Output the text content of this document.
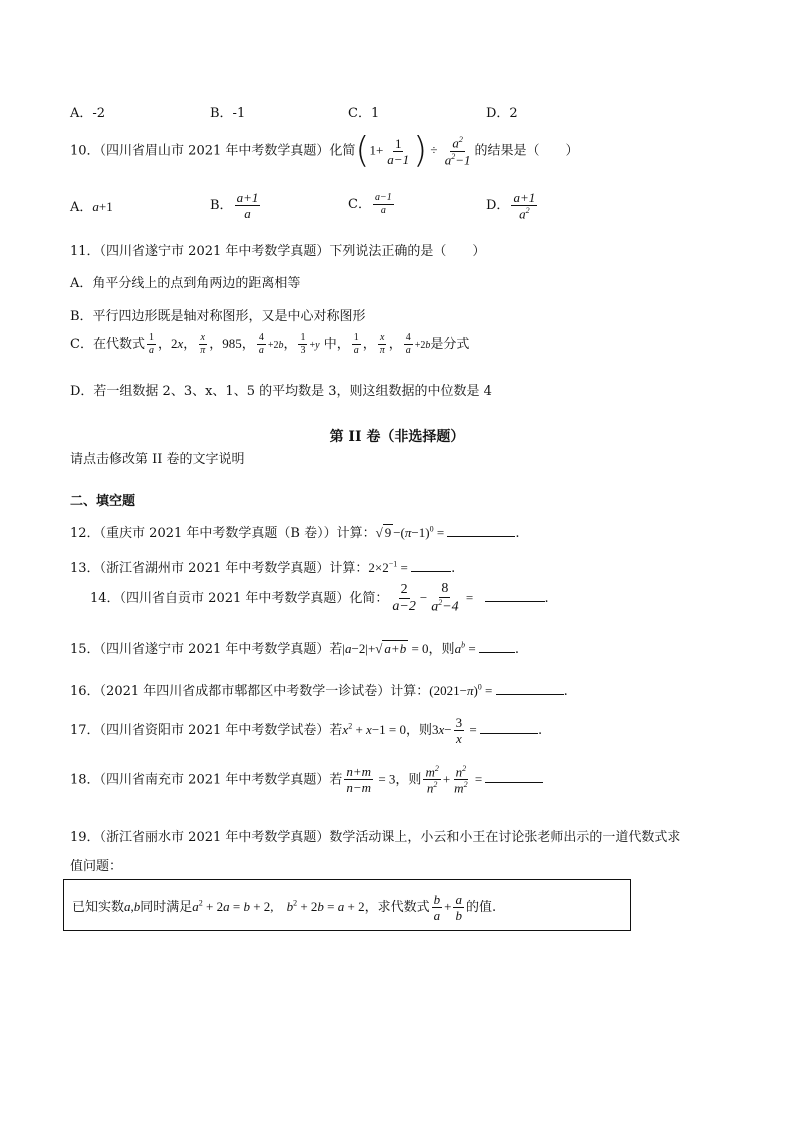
A．-2	B．-1	C．1	D．2
10．（四川省眉山市 2021 年中考数学真题）化简($1+ \frac{1}{a-1}$ ) ÷ $\frac{a^2}{a^2-1}$ 的结果是（　　）
A．a+1	B． $\frac{a+1}{a}$	C． $\frac{a-1}{a}$	D． $\frac{a+1}{a^2}$
11．（四川省遂宁市 2021 年中考数学真题）下列说法正确的是（　　）
A．角平分线上的点到角两边的距离相等
B．平行四边形既是轴对称图形，又是中心对称图形
C．在代数式 $\frac{1}{a}$ ，2x， $\frac{x}{\pi}$ ，985， $\frac{4}{a} +2b$， $\frac{1}{3} +y$ 中， $\frac{1}{a}$ ， $\frac{x}{\pi}$ ， $\frac{4}{a} +2b$是分式
D．若一组数据 2、3、x、1、5 的平均数是 3，则这组数据的中位数是 4
第 II 卷（非选择题）
请点击修改第 II 卷的文字说明
二、填空题
12．（重庆市 2021 年中考数学真题（B 卷））计算：√ $9 -(\pi-1)^0$ =	.
13．（浙江省湖州市 2021 年中考数学真题）计算：$2\times 2^{-1}$ =	.
14．（四川省自贡市 2021 年中考数学真题）化简： $\frac{2}{a-2} - \frac{8}{a^2-4}$ =	.
15．（四川省遂宁市 2021 年中考数学真题）若|a−2|+√ a+b = 0，则$a^b$ =	.
16．（2021 年四川省成都市郫都区中考数学一诊试卷）计算：$(2021-\pi)^0$ =	.
17．（四川省资阳市 2021 年中考数学试卷）若$x^2 + x-1 = 0$，则$3x- \frac{3}{x}$ =	.
18．（四川省南充市 2021 年中考数学真题）若 $\frac{n+m}{n-m} = 3$，则 $\frac{m^2}{n^2} + \frac{n^2}{m^2}$ =
19．（浙江省丽水市 2021 年中考数学真题）数学活动课上，小云和小王在讨论张老师出示的一道代数式求
值问题：
已知实数a,b同时满足$a^2 + 2a = b + 2$,　$b^2 + 2b = a + 2$，求代数式 $\frac{b}{a} + \frac{a}{b}$ 的值.
